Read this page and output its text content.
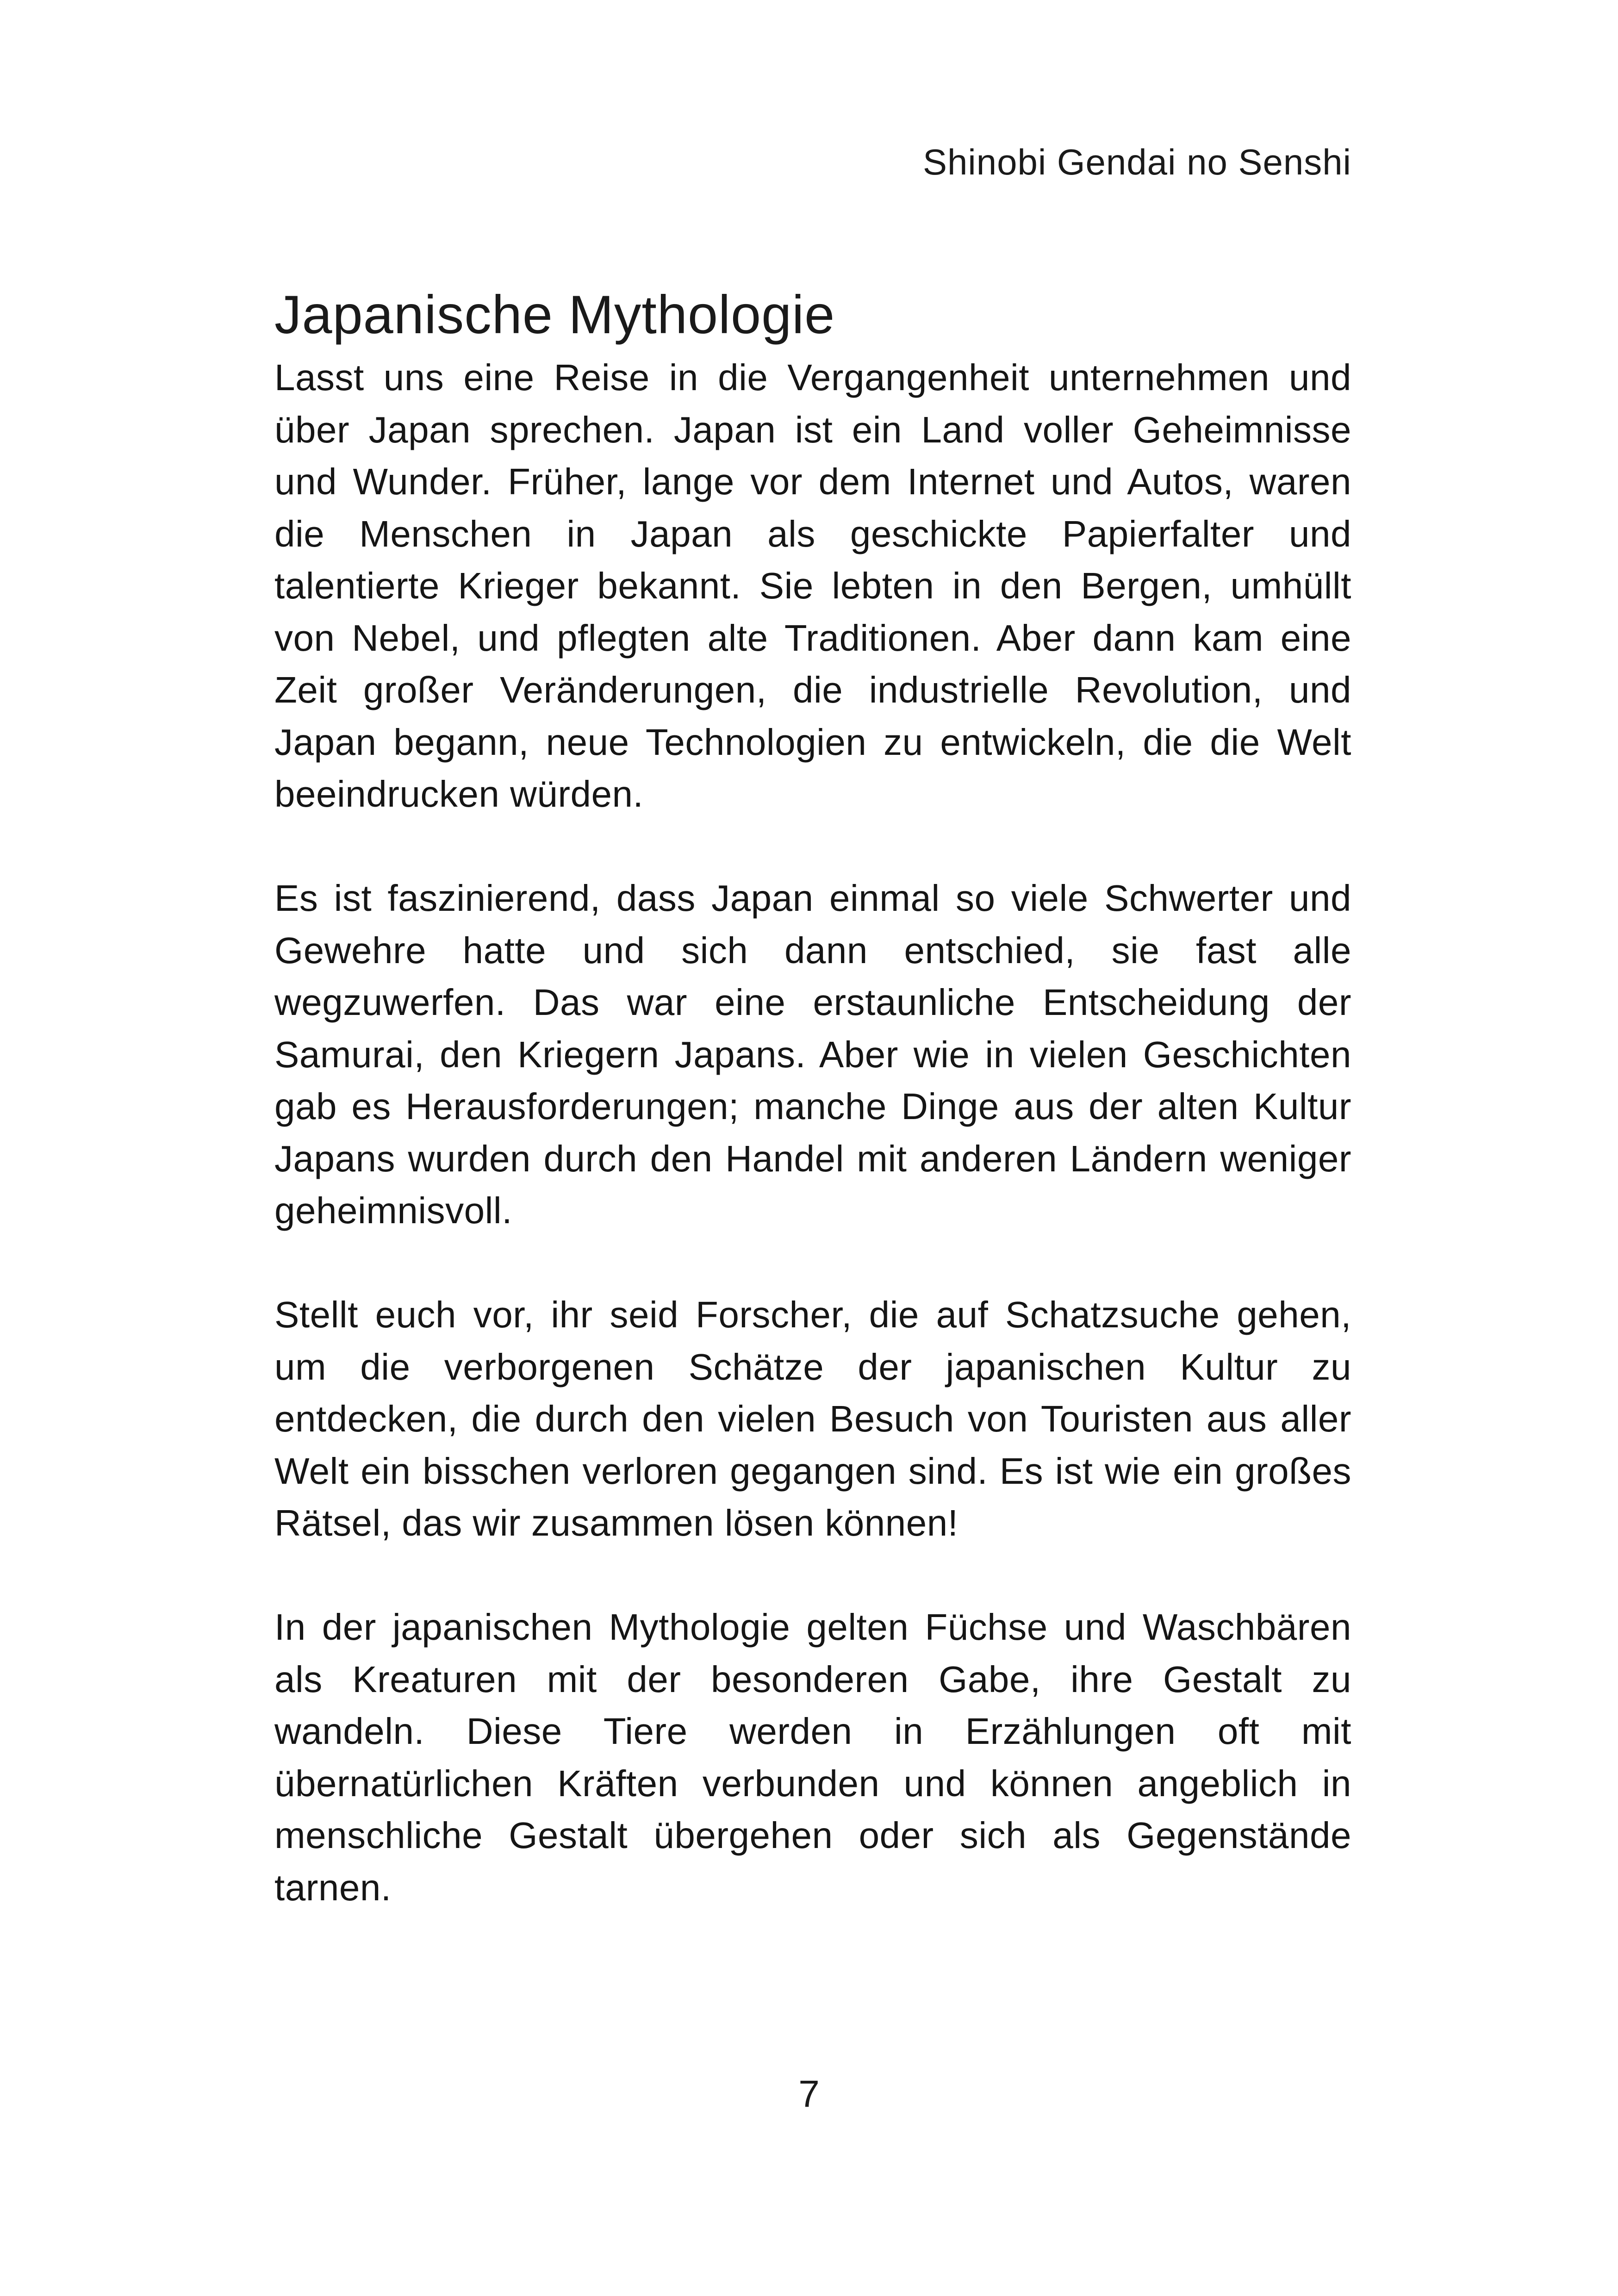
Shinobi Gendai no Senshi
Japanische Mythologie

Lasst uns eine Reise in die Vergangenheit unternehmen und über Japan sprechen. Japan ist ein Land voller Geheimnisse und Wunder. Früher, lange vor dem Internet und Autos, waren die Menschen in Japan als geschickte Papierfalter und talentierte Krieger bekannt. Sie lebten in den Bergen, umhüllt von Nebel, und pflegten alte Traditionen. Aber dann kam eine Zeit großer Veränderungen, die industrielle Revolution, und Japan begann, neue Technologien zu entwickeln, die die Welt beeindrucken würden.

Es ist faszinierend, dass Japan einmal so viele Schwerter und Gewehre hatte und sich dann entschied, sie fast alle wegzuwerfen. Das war eine erstaunliche Entscheidung der Samurai, den Kriegern Japans. Aber wie in vielen Geschichten gab es Herausforderungen; manche Dinge aus der alten Kultur Japans wurden durch den Handel mit anderen Ländern weniger geheimnisvoll.

Stellt euch vor, ihr seid Forscher, die auf Schatzsuche gehen, um die verborgenen Schätze der japanischen Kultur zu entdecken, die durch den vielen Besuch von Touristen aus aller Welt ein bisschen verloren gegangen sind. Es ist wie ein großes Rätsel, das wir zusammen lösen können!

In der japanischen Mythologie gelten Füchse und Waschbären als Kreaturen mit der besonderen Gabe, ihre Gestalt zu wandeln. Diese Tiere werden in Erzählungen oft mit übernatürlichen Kräften verbunden und können angeblich in menschliche Gestalt übergehen oder sich als Gegenstände tarnen.

7
